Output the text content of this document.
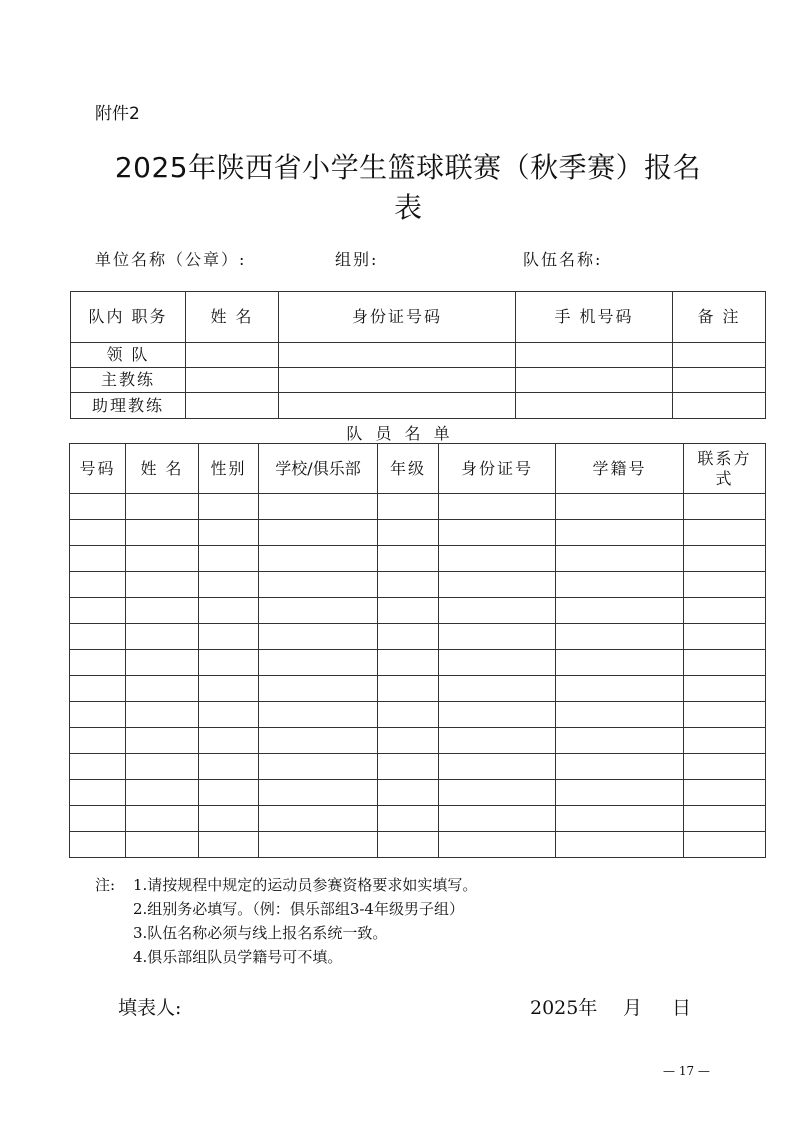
附件2
2025年陕西省小学生篮球联赛（秋季赛）报名
表
单位名称（公章）:	组别:	队伍名称:
队内 职务	姓 名	身份证号码	手 机号码	备 注
领 队				
主教练				
助理教练				
队 员 名 单
号码	姓 名	性别	学校/俱乐部	年级	身份证号	学籍号	联系方式

注: 1.请按规程中规定的运动员参赛资格要求如实填写。
2.组别务必填写。（例：俱乐部组3-4年级男子组）
3.队伍名称必须与线上报名系统一致。
4.俱乐部组队员学籍号可不填。
填表人:	2025年 月 日
— 17 —
